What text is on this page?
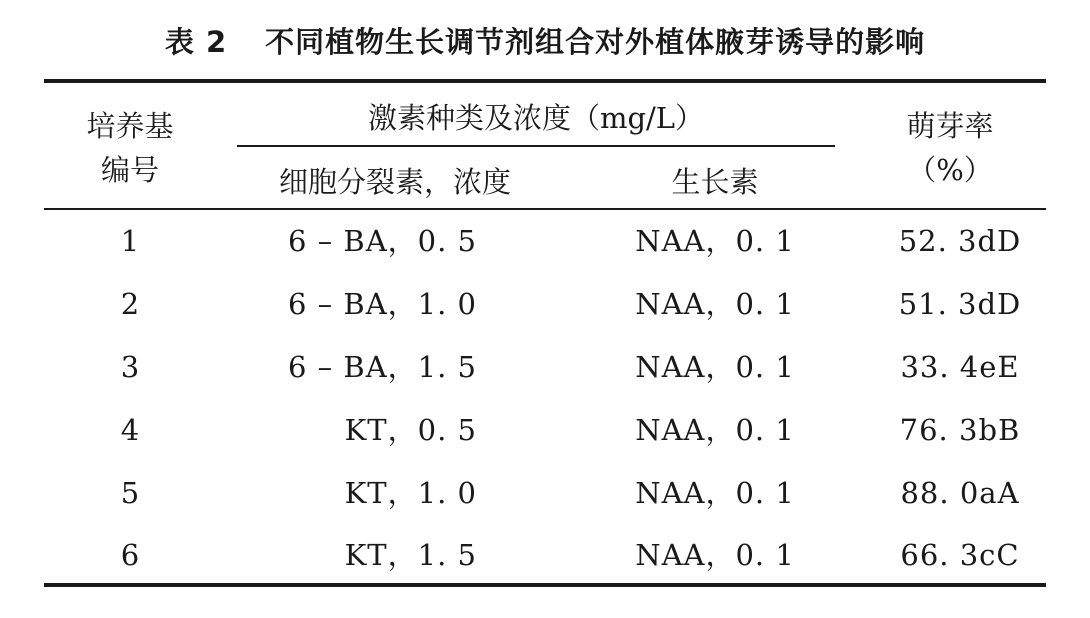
表 2 不同植物生长调节剂组合对外植体腋芽诱导的影响
培养基
编号
激素种类及浓度（mg/L）
细胞分裂素，浓度	生长素
萌芽率
（%）
1	6 – BA，0. 5	NAA，0. 1	52. 3dD
2	6 – BA，1. 0	NAA，0. 1	51. 3dD
3	6 – BA，1. 5	NAA，0. 1	33. 4eE
4	KT，0. 5	NAA，0. 1	76. 3bB
5	KT，1. 0	NAA，0. 1	88. 0aA
6	KT，1. 5	NAA，0. 1	66. 3cC
